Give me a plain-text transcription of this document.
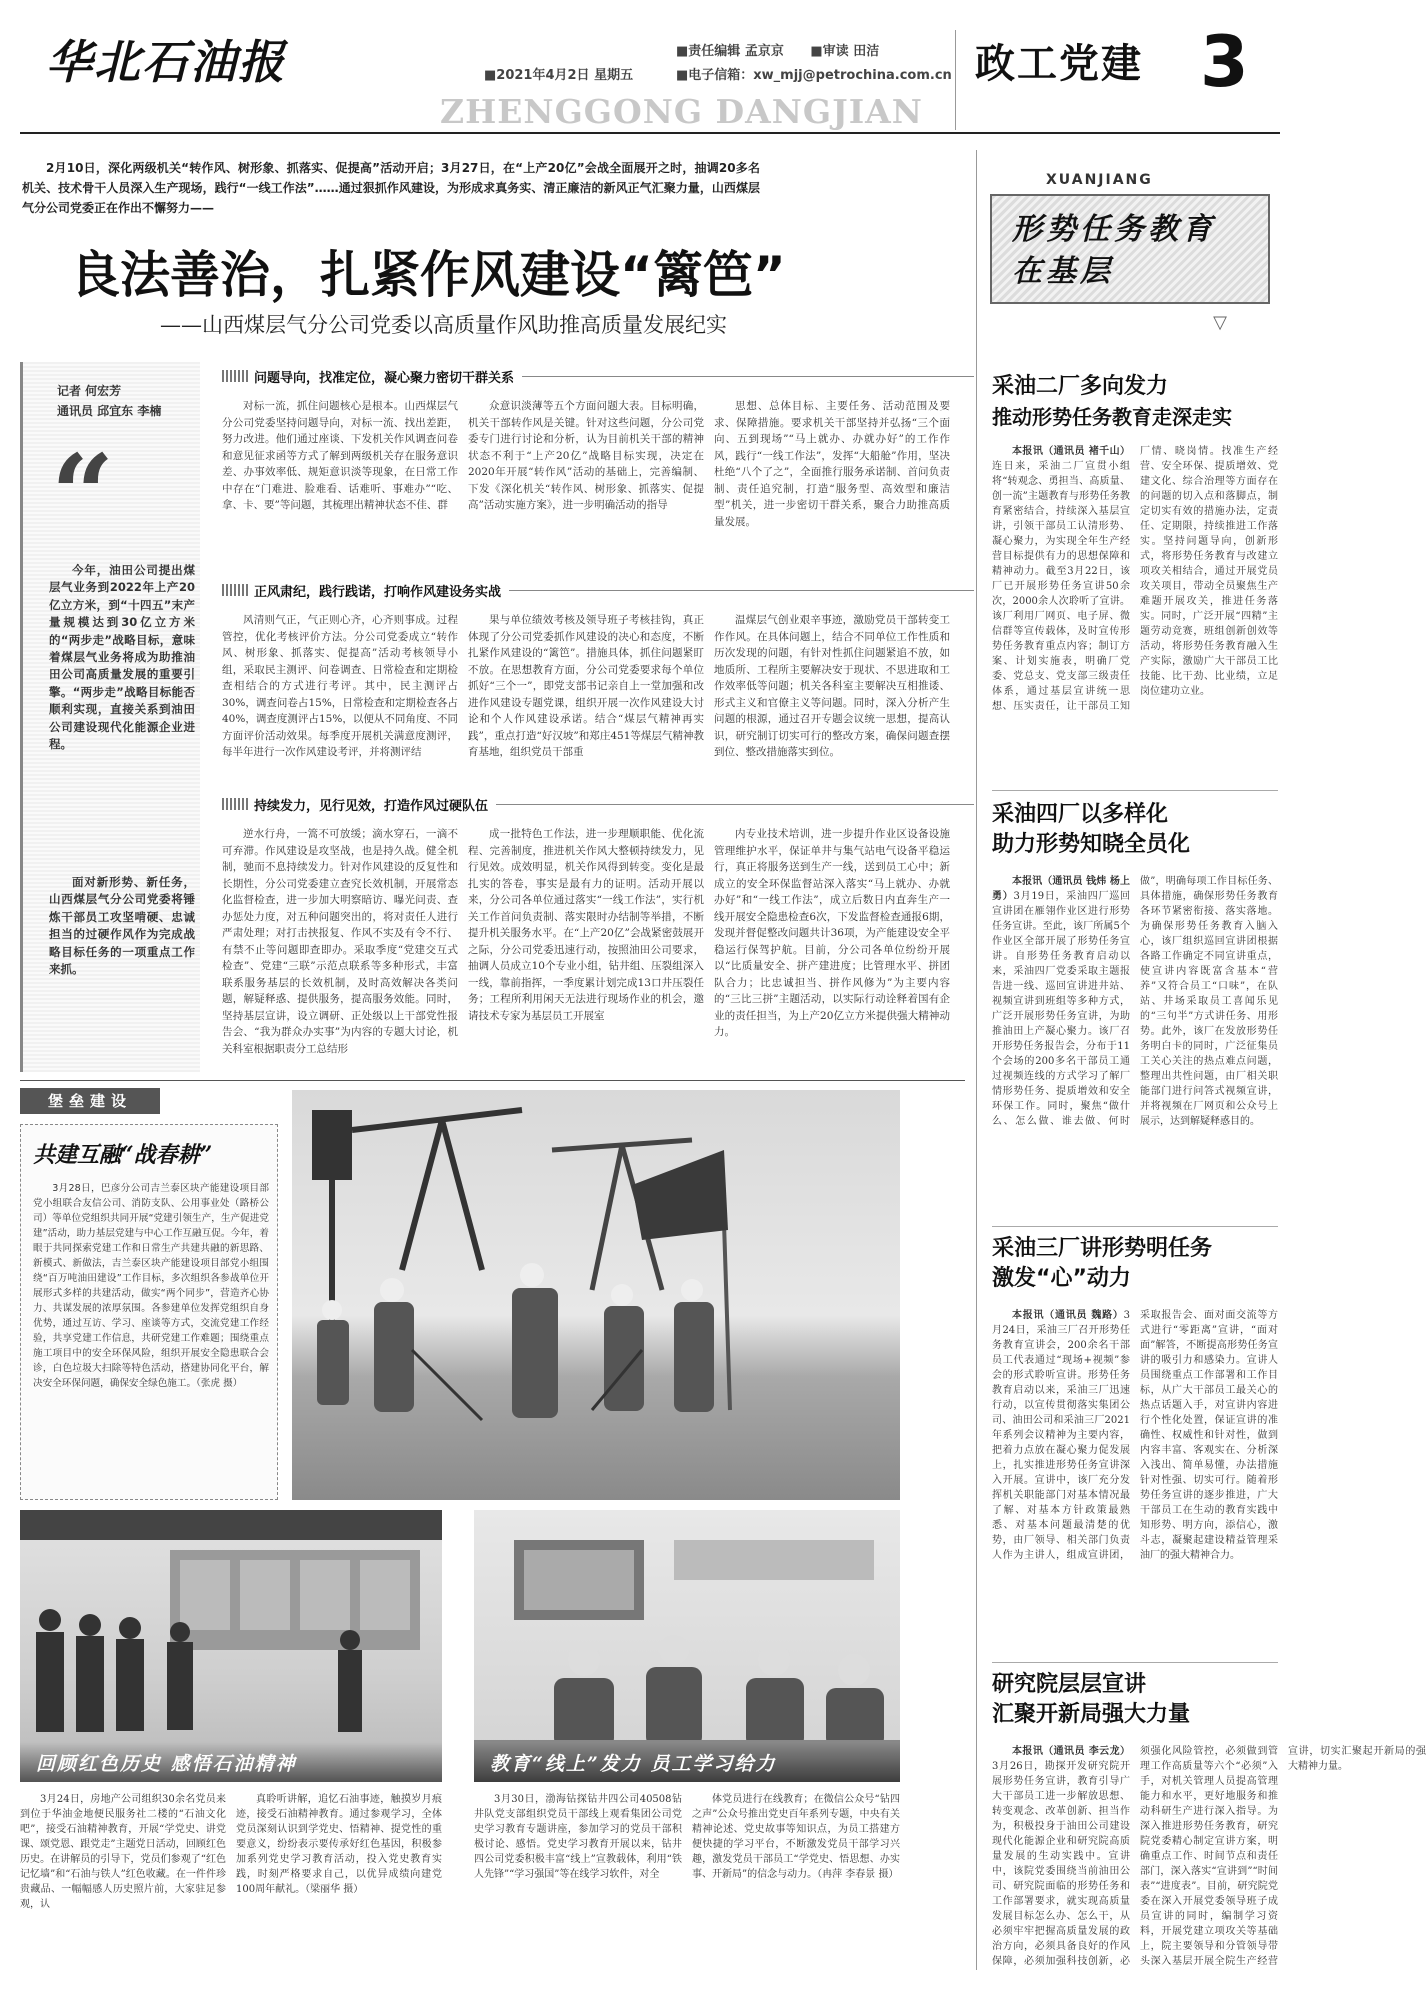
华北石油报	■责任编辑 孟京京 ■审读 田洁
■2021年4月2日 星期五	■电子信箱：xw_mjj@petrochina.com.cn
ZHENGGONG DANGJIAN
政工党建 3
2月10日，深化两级机关“转作风、树形象、抓落实、促提高”活动开启；3月27日，在“上产20亿”会战全面展开之时，抽调20多名机关、技术骨干人员深入生产现场，践行“一线工作法”……通过狠抓作风建设，为形成求真务实、清正廉洁的新风正气汇聚力量，山西煤层气分公司党委正在作出不懈努力——
良法善治，扎紧作风建设“篱笆”
——山西煤层气分公司党委以高质量作风助推高质量发展纪实
记者 何宏芳
通讯员 邱宜东 李楠
“
今年，油田公司提出煤层气业务到2022年上产20亿立方米，到“十四五”末产量规模达到30亿立方米的“两步走”战略目标，意味着煤层气业务将成为助推油田公司高质量发展的重要引擎。“两步走”战略目标能否顺利实现，直接关系到油田公司建设现代化能源企业进程。
面对新形势、新任务，山西煤层气分公司党委将锤炼干部员工攻坚啃硬、忠诚担当的过硬作风作为完成战略目标任务的一项重点工作来抓。
问题导向，找准定位，凝心聚力密切干群关系
对标一流，抓住问题核心是根本。山西煤层气分公司党委坚持问题导向，对标一流、找出差距，努力改进。他们通过座谈、下发机关作风调查问卷和意见征求函等方式了解到两级机关存在服务意识差、办事效率低、规矩意识淡等现象，在日常工作中存在“门难进、脸难看、话难听、事难办”“吃、拿、卡、要”等问题，其梳理出精神状态不佳、群
众意识淡薄等五个方面问题大表。目标明确，机关干部转作风是关键。针对这些问题，分公司党委专门进行讨论和分析，认为目前机关干部的精神状态不利于“上产20亿”战略目标实现，决定在2020年开展“转作风”活动的基础上，完善编制、下发《深化机关“转作风、树形象、抓落实、促提高”活动实施方案》，进一步明确活动的指导
思想、总体目标、主要任务、活动范围及要求、保障措施。要求机关干部坚持并弘扬“三个面向、五到现场”“马上就办、办就办好”的工作作风，践行“一线工作法”，发挥“大船舱”作用，坚决杜绝“八个了之”，全面推行服务承诺制、首问负责制、责任追究制，打造“服务型、高效型和廉洁型”机关，进一步密切干群关系，聚合力助推高质量发展。
正风肃纪，践行践诺，打响作风建设务实战
风清则气正，气正则心齐，心齐则事成。过程管控，优化考核评价方法。分公司党委成立“转作风、树形象、抓落实、促提高”活动考核领导小组，采取民主测评、问卷调查、日常检查和定期检查相结合的方式进行考评。其中，民主测评占30%，调查问卷占15%，日常检查和定期检查各占40%，调查度测评占15%，以便从不同角度、不同方面评价活动效果。每季度开展机关满意度测评，每半年进行一次作风建设考评，并将测评结
果与单位绩效考核及领导班子考核挂钩，真正体现了分公司党委抓作风建设的决心和态度，不断扎紧作风建设的“篱笆”。措施具体，抓住问题紧盯不放。在思想教育方面，分公司党委要求每个单位抓好“三个一”，即党支部书记亲自上一堂加强和改进作风建设专题党课，组织开展一次作风建设大讨论和个人作风建设承诺。结合“煤层气精神再实践”，重点打造“好汉坡”和郑庄451等煤层气精神教育基地，组织党员干部重
温煤层气创业艰辛事迹，激励党员干部转变工作作风。在具体问题上，结合不同单位工作性质和历次发现的问题，有针对性抓住问题紧追不放，如地质所、工程所主要解决安于现状、不思进取和工作效率低等问题；机关各科室主要解决互相推诿、形式主义和官僚主义等问题。同时，深入分析产生问题的根源，通过召开专题会议统一思想，提高认识，研究制订切实可行的整改方案，确保问题查摆到位、整改措施落实到位。
持续发力，见行见效，打造作风过硬队伍
逆水行舟，一篙不可放缓；滴水穿石，一滴不可弃滞。作风建设是攻坚战，也是持久战。健全机制，驰而不息持续发力。针对作风建设的反复性和长期性，分公司党委建立查究长效机制，开展常态化监督检查，进一步加大明察暗访、曝光问责、查办惩处力度，对五种问题突出的，将对责任人进行严肃处理；对打击挟报复、作风不实及有令不行、有禁不止等问题即查即办。采取季度“党建交互式检查”、党建“三联”示范点联系等多种形式，丰富联系服务基层的长效机制，及时高效解决各类问题，解疑释惑、提供服务，提高服务效能。同时，坚持基层宣讲，设立调研、正处级以上干部党性报告会、“我为群众办实事”为内容的专题大讨论，机关科室根据职责分工总结形
成一批特色工作法，进一步理顺职能、优化流程、完善制度，推进机关作风大整顿持续发力，见行见效。成效明显，机关作风得到转变。变化是最扎实的答卷，事实是最有力的证明。活动开展以来，分公司各单位通过落实“一线工作法”，实行机关工作首问负责制、落实限时办结制等举措，不断提升机关服务水平。在“上产20亿”会战紧密鼓展开之际，分公司党委迅速行动，按照油田公司要求，抽调人员成立10个专业小组，钻井组、压裂组深入一线，靠前指挥，一季度累计划完成13口井压裂任务；工程所利用闲天无法进行现场作业的机会，邀请技术专家为基层员工开展室
内专业技术培训，进一步提升作业区设备设施管理维护水平，保证单井与集气站电气设备平稳运行，真正将服务送到生产一线，送到员工心中；新成立的安全环保监督站深入落实“马上就办、办就办好”和“一线工作法”，成立后数日内直奔生产一线开展安全隐患检查6次，下发监督检查通报6期，发现并督促整改问题共计36项，为产能建设安全平稳运行保驾护航。目前，分公司各单位纷纷开展以“比质量安全、拼产建进度；比管理水平、拼团队合力；比忠诚担当、拼作风修为”为主要内容的“三比三拼”主题活动，以实际行动诠释着国有企业的责任担当，为上产20亿立方米提供强大精神动力。
XUANJIANG
形势任务教育
在基层
▽
采油二厂多向发力
推动形势任务教育走深走实
本报讯（通讯员 褚千山）连日来，采油二厂宣贯小组将“转观念、勇担当、高质量、创一流”主题教育与形势任务教育紧密结合，持续深入基层宣讲，引领干部员工认清形势、凝心聚力，为实现全年生产经营目标提供有力的思想保障和精神动力。截至3月22日，该厂已开展形势任务宣讲50余次，2000余人次聆听了宣讲。该厂利用厂网页、电子屏、微信群等宣传载体，及时宣传形势任务教育重点内容；制订方案、计划实施表，明确厂党委、党总支、党支部三级责任体系，通过基层宣讲统一思想、压实责任，让干部员工知厂情、晓岗情。找准生产经营、安全环保、提质增效、党建文化、综合治理等方面存在的问题的切入点和落脚点，制定切实有效的措施办法，定责任、定期限，持续推进工作落实。坚持问题导向，创新形式，将形势任务教育与改建立项攻关相结合，通过开展党员攻关项目，带动全员聚焦生产难题开展攻关，推进任务落实。同时，广泛开展“四精”主题劳动竞赛，班组创新创效等活动，将形势任务教育融入生产实际，激励广大干部员工比技能、比干劲、比业绩，立足岗位建功立业。
采油四厂以多样化
助力形势知晓全员化
本报讯（通讯员 钱炜 杨上勇）3月19日，采油四厂巡回宣讲团在雁翎作业区进行形势任务宣讲。至此，该厂所属5个作业区全部开展了形势任务宣讲。自形势任务教育启动以来，采油四厂党委采取主题报告进一线、巡回宣讲进井站、视频宣讲到班组等多种方式，广泛开展形势任务宣讲，为助推油田上产凝心聚力。该厂召开形势任务报告会，分布于11个会场的200多名干部员工通过视频连线的方式学习了解厂情形势任务、提质增效和安全环保工作。同时，聚焦“做什么、怎么做、谁去做、何时做”，明确每项工作目标任务、具体措施，确保形势任务教育各环节紧密衔接、落实落地。为确保形势任务教育入脑入心，该厂组织巡回宣讲团根据各路工作确定不同宣讲重点，使宣讲内容既富含基本“营养”又符合员工“口味”，在队站、井场采取员工喜闻乐见的“三句半”方式讲任务、用形势。此外，该厂在发放形势任务明白卡的同时，广泛征集员工关心关注的热点难点问题，整理出共性问题，由厂相关职能部门进行问答式视频宣讲，并将视频在厂网页和公众号上展示，达到解疑释惑目的。
采油三厂讲形势明任务
激发“心”动力
本报讯（通讯员 魏路）3月24日，采油三厂召开形势任务教育宣讲会，200余名干部员工代表通过“现场+视频”参会的形式聆听宣讲。形势任务教育启动以来，采油三厂迅速行动，以宣传贯彻落实集团公司、油田公司和采油三厂2021年系列会议精神为主要内容，把着力点放在凝心聚力促发展上，扎实推进形势任务宣讲深入开展。宣讲中，该厂充分发挥机关职能部门对基本情况最了解、对基本方针政策最熟悉、对基本问题最清楚的优势，由厂领导、相关部门负责人作为主讲人，组成宣讲团，采取报告会、面对面交流等方式进行“零距离”宣讲，“面对面”解答，不断提高形势任务宣讲的吸引力和感染力。宣讲人员围绕重点工作部署和工作目标，从广大干部员工最关心的热点话题入手，对宣讲内容进行个性化处置，保证宣讲的准确性、权威性和针对性，做到内容丰富、客观实在、分析深入浅出、简单易懂，办法措施针对性强、切实可行。随着形势任务宣讲的逐步推进，广大干部员工在生动的教育实践中知形势、明方向，添信心，激斗志，凝聚起建设精益管理采油厂的强大精神合力。
研究院层层宣讲
汇聚开新局强大力量
本报讯（通讯员 李云龙）3月26日，勘探开发研究院开展形势任务宣讲，教育引导广大干部员工进一步解放思想、转变观念、改革创新、担当作为，积极投身于油田公司建设现代化能源企业和研究院高质量发展的生动实践中。宣讲中，该院党委围绕当前油田公司、研究院面临的形势任务和工作部署要求，就实现高质量发展目标怎么办、怎么干，从必须牢牢把握高质量发展的政治方向，必须具备良好的作风保障，必须加强科技创新，必须强化风险管控，必须做到管理工作高质量等六个“必须”入手，对机关管理人员提高管理能力和水平，更好地服务和推动科研生产进行深入指导。为深入推进形势任务教育，研究院党委精心制定宣讲方案，明确重点工作、时间节点和责任部门，深入落实“宣讲到”“时间表”“进度表”。目前，研究院党委在深入开展党委领导班子成员宣讲的同时，编制学习资料，开展党建立项攻关等基础上，院主要领导和分管领导带头深入基层开展全院生产经营宣讲，切实汇聚起开新局的强大精神力量。
堡垒建设
共建互融“战春耕”
3月28日，巴彦分公司吉兰泰区块产能建设项目部党小组联合友信公司、消防支队、公用事业处（路桥公司）等单位党组织共同开展“党建引领生产，生产促进党建”活动，助力基层党建与中心工作互融互促。今年，着眼于共同探索党建工作和日常生产共建共融的新思路、新模式、新做法，吉兰泰区块产能建设项目部党小组围绕“百万吨油田建设”工作目标，多次组织各参战单位开展形式多样的共建活动，做实“两个同步”，营造齐心协力、共谋发展的浓厚氛围。各参建单位发挥党组织自身优势，通过互访、学习、座谈等方式，交流党建工作经验，共享党建工作信息，共研党建工作难题；围绕重点施工项目中的安全环保风险，组织开展安全隐患联合会诊，白色垃圾大扫除等特色活动，搭建协同化平台，解决安全环保问题，确保安全绿色施工。（张虎 摄）
回顾红色历史 感悟石油精神	教育“线上”发力 员工学习给力
3月24日，房地产公司组织30余名党员来到位于华油金地便民服务社二楼的“石油文化吧”，接受石油精神教育，开展“学党史、讲党课、颂党恩、跟党走”主题党日活动，回顾红色历史。在讲解员的引导下，党员们参观了“红色记忆墙”和“石油与铁人”红色收藏。在一件件珍贵藏品、一幅幅感人历史照片前，大家驻足参观，认
真聆听讲解，追忆石油事迹，触摸岁月痕迹，接受石油精神教育。通过参观学习，全体党员深刻认识到学党史、悟精神、提党性的重要意义，纷纷表示要传承好红色基因，积极参加系列党史学习教育活动，投入党史教育实践，时刻严格要求自己，以优异成绩向建党100周年献礼。（梁丽华 摄）
3月30日，渤海钻探钻井四公司40508钻井队党支部组织党员干部线上观看集团公司党史学习教育专题讲座，参加学习的党员干部积极讨论、感悟。党史学习教育开展以来，钻井四公司党委积极丰富“线上”宣教载体，利用“铁人先锋”“学习强国”等在线学习软件，对全
体党员进行在线教育；在微信公众号“钻四之声”公众号推出党史百年系列专题，中央有关精神论述、党史故事等知识点，为员工搭建方便快捷的学习平台，不断激发党员干部学习兴趣，激发党员干部员工“学党史、悟思想、办实事、开新局”的信念与动力。（冉萍 李春景 摄）
